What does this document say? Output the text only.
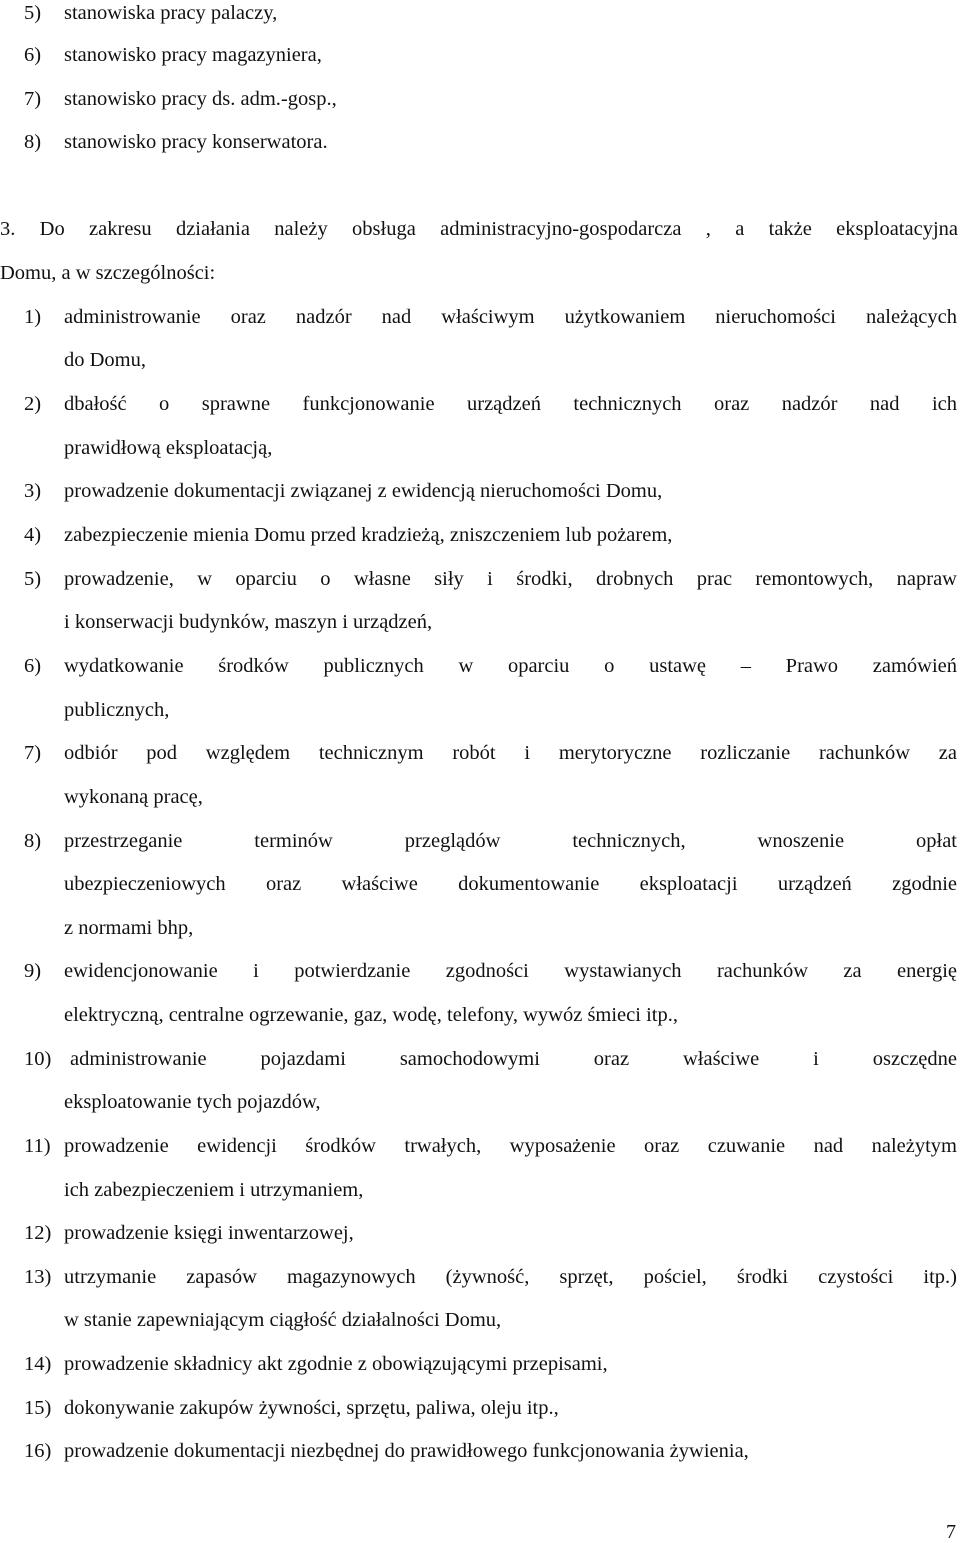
5) stanowiska pracy palaczy,
6) stanowisko pracy magazyniera,
7) stanowisko pracy ds. adm.-gosp.,
8) stanowisko pracy konserwatora.
3. Do zakresu działania należy obsługa administracyjno-gospodarcza , a także eksploatacyjna
Domu, a w szczególności:
1) administrowanie oraz nadzór nad właściwym użytkowaniem nieruchomości należących
do Domu,
2) dbałość o sprawne funkcjonowanie urządzeń technicznych oraz nadzór nad ich
prawidłową eksploatacją,
3) prowadzenie dokumentacji związanej z ewidencją nieruchomości Domu,
4) zabezpieczenie mienia Domu przed kradzieżą, zniszczeniem lub pożarem,
5) prowadzenie, w oparciu o własne siły i środki, drobnych prac remontowych, napraw
i konserwacji budynków, maszyn i urządzeń,
6) wydatkowanie środków publicznych w oparciu o ustawę – Prawo zamówień
publicznych,
7) odbiór pod względem technicznym robót i merytoryczne rozliczanie rachunków za
wykonaną pracę,
8) przestrzeganie terminów przeglądów technicznych, wnoszenie opłat
ubezpieczeniowych oraz właściwe dokumentowanie eksploatacji urządzeń zgodnie
z normami bhp,
9) ewidencjonowanie i potwierdzanie zgodności wystawianych rachunków za energię
elektryczną, centralne ogrzewanie, gaz, wodę, telefony, wywóz śmieci itp.,
10) administrowanie pojazdami samochodowymi oraz właściwe i oszczędne
eksploatowanie tych pojazdów,
11) prowadzenie ewidencji środków trwałych, wyposażenie oraz czuwanie nad należytym
ich zabezpieczeniem i utrzymaniem,
12) prowadzenie księgi inwentarzowej,
13) utrzymanie zapasów magazynowych (żywność, sprzęt, pościel, środki czystości itp.)
w stanie zapewniającym ciągłość działalności Domu,
14) prowadzenie składnicy akt zgodnie z obowiązującymi przepisami,
15) dokonywanie zakupów żywności, sprzętu, paliwa, oleju itp.,
16) prowadzenie dokumentacji niezbędnej do prawidłowego funkcjonowania żywienia,
7
